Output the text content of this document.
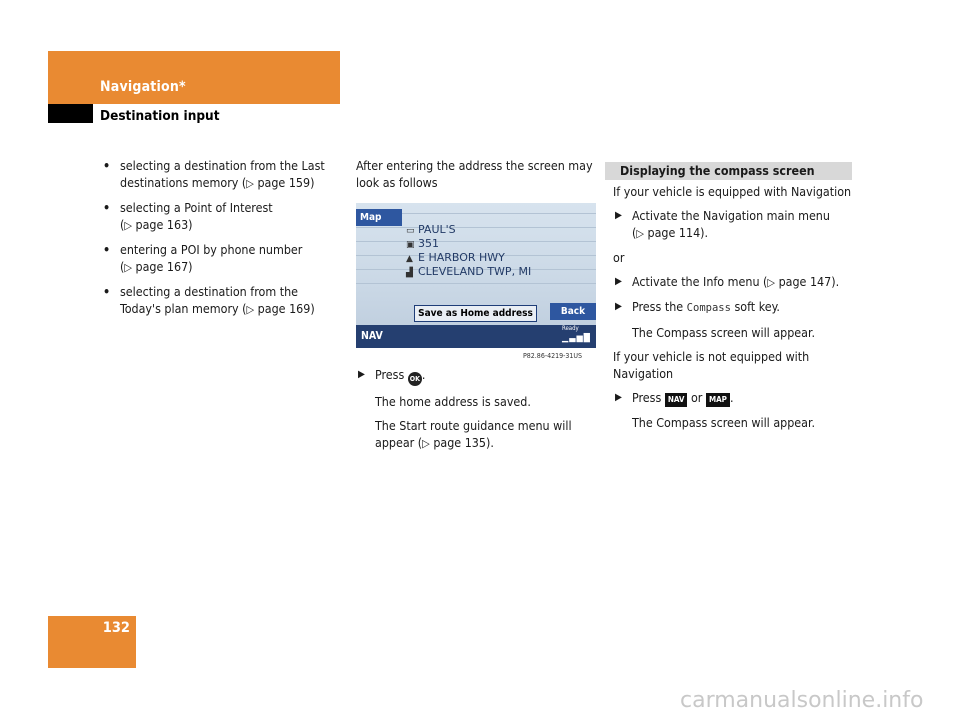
Navigation*
Destination input

• selecting a destination from the Last
destinations memory (▷ page 159)

• selecting a Point of Interest
(▷ page 163)

• entering a POI by phone number
(▷ page 167)

• selecting a destination from the
Today's plan memory (▷ page 169)

After entering the address the screen may
look as follows

Map
▭ PAUL'S
▣ 351
▲ E HARBOR HWY
▟ CLEVELAND TWP, MI
Save as Home address	Back
NAV
Ready
▁▃▅▇
P82.86-4219-31US

▶ Press OK .

The home address is saved.

The Start route guidance menu will
appear (▷ page 135).

Displaying the compass screen

If your vehicle is equipped with Navigation

▶ Activate the Navigation main menu
(▷ page 114).

or

▶ Activate the Info menu (▷ page 147).

▶ Press the Compass soft key.

The Compass screen will appear.

If your vehicle is not equipped with
Navigation

▶ Press NAV or MAP .

The Compass screen will appear.

132
carmanualsonline.info
